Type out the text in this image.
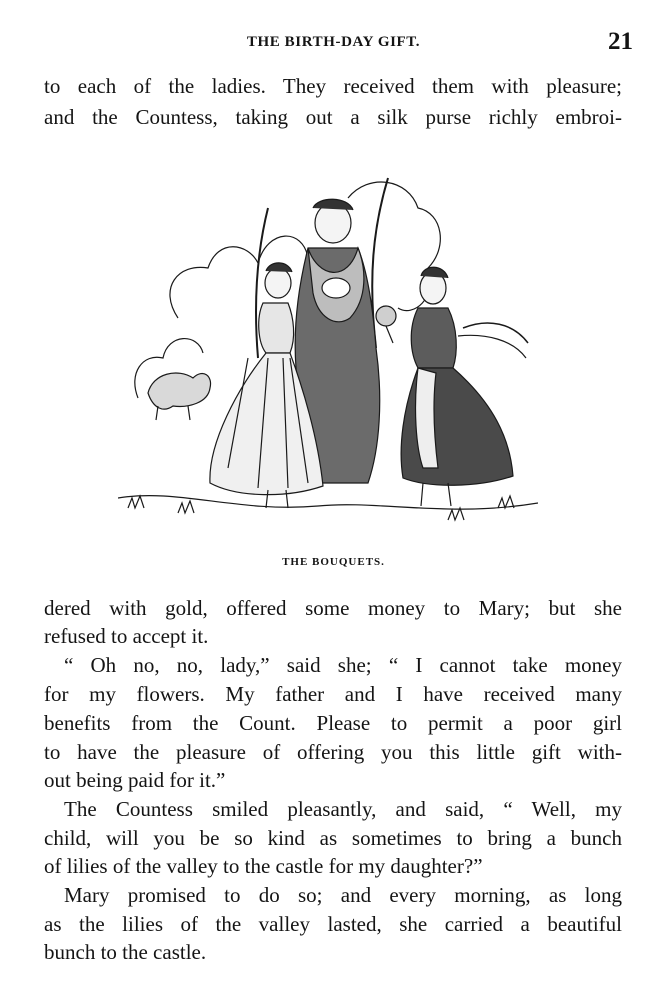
THE BIRTH-DAY GIFT.	21
to each of the ladies. They received them with pleasure;
and the Countess, taking out a silk purse richly embroi-
THE BOUQUETS.
dered with gold, offered some money to Mary; but she
refused to accept it.
“ Oh no, no, lady,” said she; “ I cannot take money
for my flowers. My father and I have received many
benefits from the Count. Please to permit a poor girl
to have the pleasure of offering you this little gift with-
out being paid for it.”
The Countess smiled pleasantly, and said, “ Well, my
child, will you be so kind as sometimes to bring a bunch
of lilies of the valley to the castle for my daughter?”
Mary promised to do so; and every morning, as long
as the lilies of the valley lasted, she carried a beautiful
bunch to the castle.
